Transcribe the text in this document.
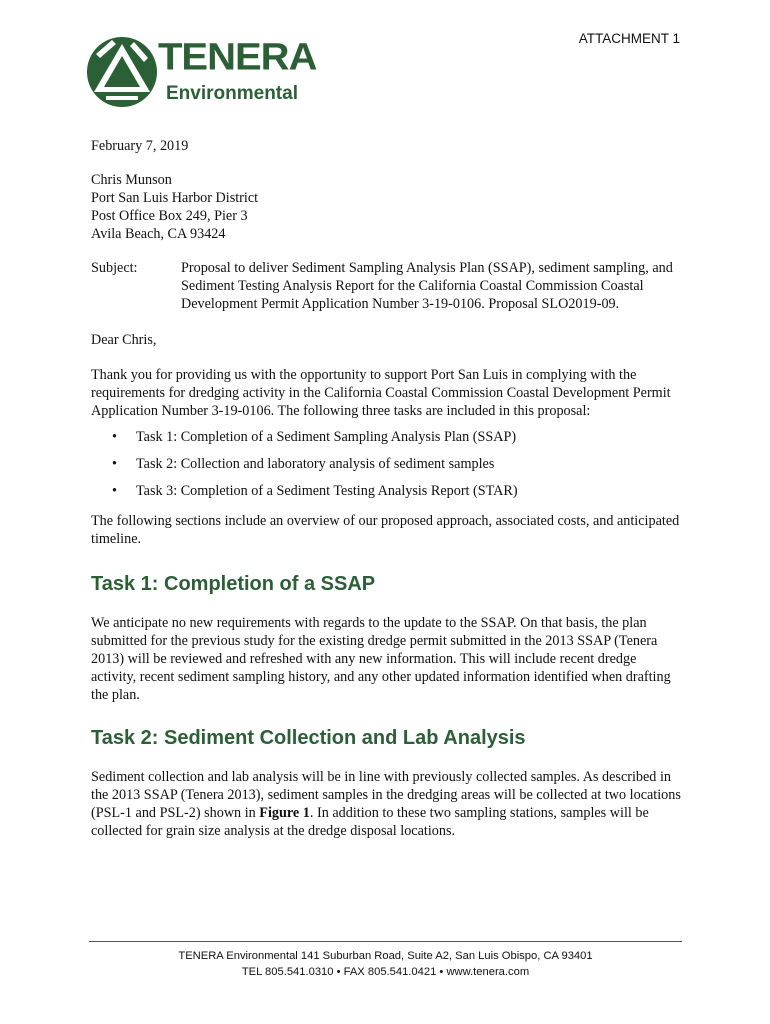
ATTACHMENT 1
TENERA
Environmental

February 7, 2019

Chris Munson
Port San Luis Harbor District
Post Office Box 249, Pier 3
Avila Beach, CA 93424
Subject:	Proposal to deliver Sediment Sampling Analysis Plan (SSAP), sediment sampling, and Sediment Testing Analysis Report for the California Coastal Commission Coastal Development Permit Application Number 3-19-0106. Proposal SLO2019-09.

Dear Chris,

Thank you for providing us with the opportunity to support Port San Luis in complying with the requirements for dredging activity in the California Coastal Commission Coastal Development Permit Application Number 3-19-0106. The following three tasks are included in this proposal:

• Task 1: Completion of a Sediment Sampling Analysis Plan (SSAP)
• Task 2: Collection and laboratory analysis of sediment samples
• Task 3: Completion of a Sediment Testing Analysis Report (STAR)

The following sections include an overview of our proposed approach, associated costs, and anticipated timeline.

Task 1: Completion of a SSAP

We anticipate no new requirements with regards to the update to the SSAP. On that basis, the plan submitted for the previous study for the existing dredge permit submitted in the 2013 SSAP (Tenera 2013) will be reviewed and refreshed with any new information. This will include recent dredge activity, recent sediment sampling history, and any other updated information identified when drafting the plan.

Task 2: Sediment Collection and Lab Analysis

Sediment collection and lab analysis will be in line with previously collected samples. As described in the 2013 SSAP (Tenera 2013), sediment samples in the dredging areas will be collected at two locations (PSL-1 and PSL-2) shown in Figure 1. In addition to these two sampling stations, samples will be collected for grain size analysis at the dredge disposal locations.

TENERA Environmental 141 Suburban Road, Suite A2, San Luis Obispo, CA 93401
TEL 805.541.0310 • FAX 805.541.0421 • www.tenera.com
